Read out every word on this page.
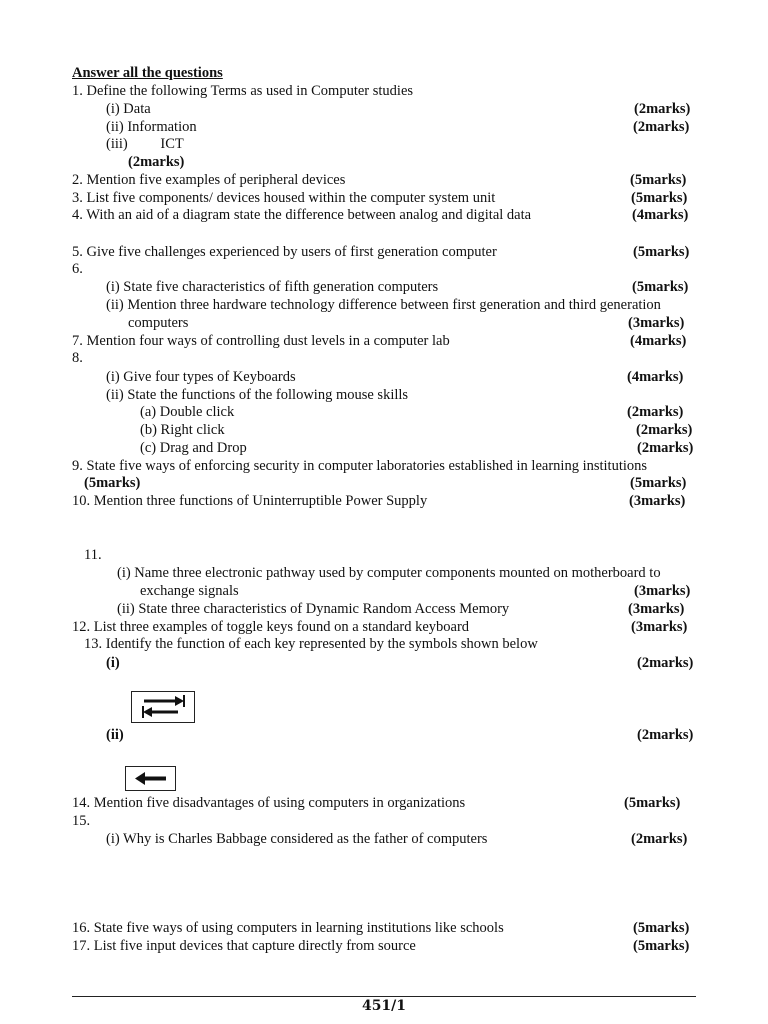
Answer all the questions
1. Define the following Terms as used in Computer studies
(i) Data	(2marks)
(ii) Information	(2marks)
(iii)         ICT
(2marks)
2. Mention five examples of peripheral devices	(5marks)
3. List five components/ devices housed within the computer system unit	(5marks)
4. With an aid of a diagram state the difference between analog and digital data	(4marks)
5. Give five challenges experienced by users of first generation computer	(5marks)
6.
(i) State five characteristics of fifth generation computers	(5marks)
(ii) Mention three hardware technology difference between first generation and third generation
computers	(3marks)
7. Mention four ways of controlling dust levels in a computer lab	(4marks)
8.
(i) Give four types of Keyboards	(4marks)
(ii) State the functions of the following mouse skills
(a) Double click	(2marks)
(b) Right click	(2marks)
(c) Drag and Drop	(2marks)
9. State five ways of enforcing security in computer laboratories established in learning institutions
(5marks)	(5marks)
10. Mention three functions of Uninterruptible Power Supply	(3marks)
11.
(i) Name three electronic pathway used by computer components mounted on motherboard to
exchange signals	(3marks)
(ii) State three characteristics of Dynamic Random Access Memory	(3marks)
12. List three examples of toggle keys found on a standard keyboard	(3marks)
13. Identify the function of each key represented by the symbols shown below
(i)	(2marks)
(ii)	(2marks)
14. Mention five disadvantages of using computers in organizations	(5marks)
15.
(i) Why is Charles Babbage considered as the father of computers	(2marks)
16. State five ways of using computers in learning institutions like schools	(5marks)
17. List five input devices that capture directly from source	(5marks)
451/1
